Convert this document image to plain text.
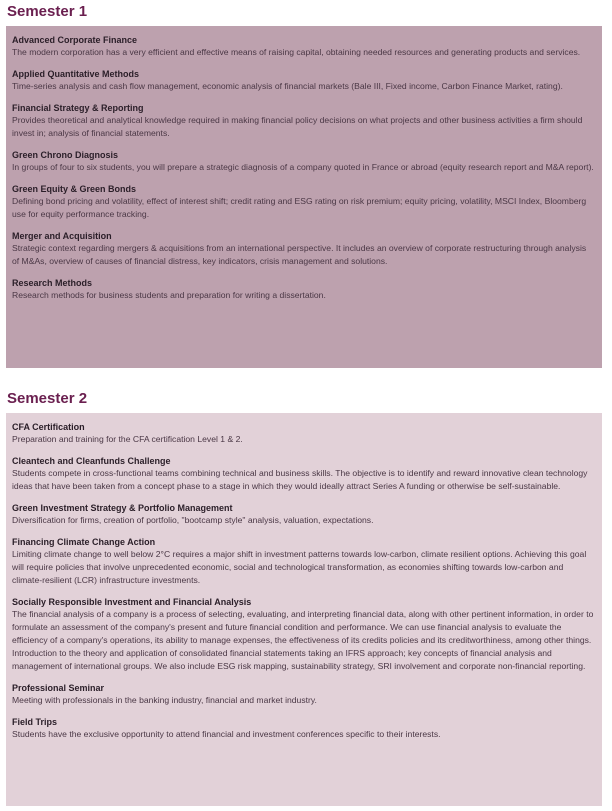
Semester 1
Advanced Corporate Finance
The modern corporation has a very efficient and effective means of raising capital, obtaining needed resources and generating products and services.
Applied Quantitative Methods
Time-series analysis and cash flow management, economic analysis of financial markets (Bale III, Fixed income, Carbon Finance Market, rating).
Financial Strategy & Reporting
Provides theoretical and analytical knowledge required in making financial policy decisions on what projects and other business activities a firm should invest in; analysis of financial statements.
Green Chrono Diagnosis
In groups of four to six students, you will prepare a strategic diagnosis of a company quoted in France or abroad (equity research report and M&A report).
Green Equity & Green Bonds
Defining bond pricing and volatility, effect of interest shift; credit rating and ESG rating on risk premium; equity pricing, volatility, MSCI Index, Bloomberg use for equity performance tracking.
Merger and Acquisition
Strategic context regarding mergers & acquisitions from an international perspective. It includes an overview of corporate restructuring through analysis of M&As, overview of causes of financial distress, key indicators, crisis management and solutions.
Research Methods
Research methods for business students and preparation for writing a dissertation.
Semester 2
CFA Certification
Preparation and training for the CFA certification Level 1 & 2.
Cleantech and Cleanfunds Challenge
Students compete in cross-functional teams combining technical and business skills. The objective is to identify and reward innovative clean technology ideas that have been taken from a concept phase to a stage in which they would ideally attract Series A funding or otherwise be self-sustainable.
Green Investment Strategy & Portfolio Management
Diversification for firms, creation of portfolio, "bootcamp style" analysis, valuation, expectations.
Financing Climate Change Action
Limiting climate change to well below 2°C requires a major shift in investment patterns towards low-carbon, climate resilient options. Achieving this goal will require policies that involve unprecedented economic, social and technological transformation, as economies shifting towards low-carbon and climate-resilient (LCR) infrastructure investments.
Socially Responsible Investment and Financial Analysis
The financial analysis of a company is a process of selecting, evaluating, and interpreting financial data, along with other pertinent information, in order to formulate an assessment of the company's present and future financial condition and performance. We can use financial analysis to evaluate the efficiency of a company's operations, its ability to manage expenses, the effectiveness of its credits policies and its creditworthiness, among other things. Introduction to the theory and application of consolidated financial statements taking an IFRS approach; key concepts of financial analysis and management of international groups. We also include ESG risk mapping, sustainability strategy, SRI involvement and corporate non-financial reporting.
Professional Seminar
Meeting with professionals in the banking industry, financial and market industry.
Field Trips
Students have the exclusive opportunity to attend financial and investment conferences specific to their interests.
